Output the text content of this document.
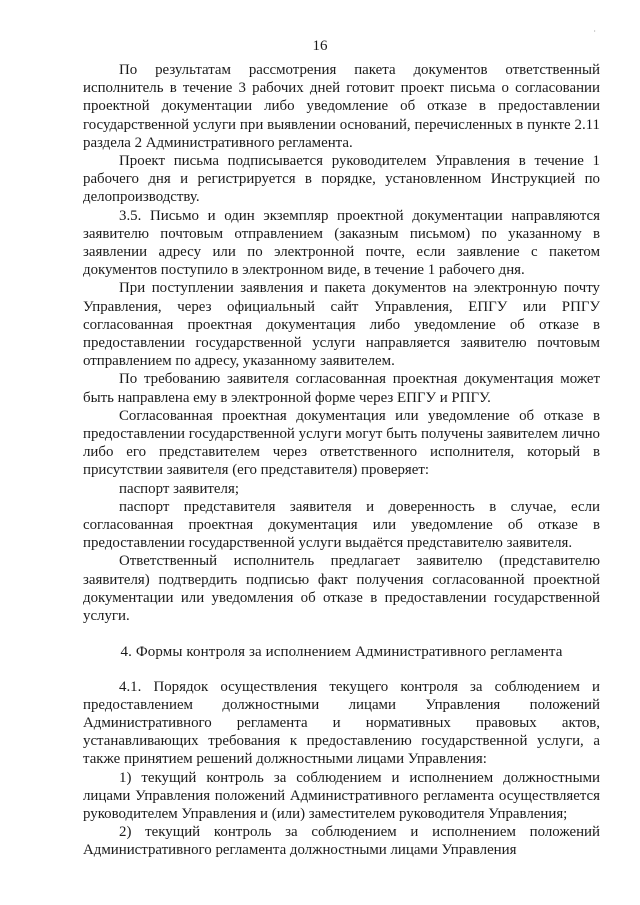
·
16

По результатам рассмотрения пакета документов ответственный исполнитель в течение 3 рабочих дней готовит проект письма о согласовании проектной документации либо уведомление об отказе в предоставлении государственной услуги при выявлении оснований, перечисленных в пункте 2.11 раздела 2 Административного регламента.

Проект письма подписывается руководителем Управления в течение 1 рабочего дня и регистрируется в порядке, установленном Инструкцией по делопроизводству.

3.5. Письмо и один экземпляр проектной документации направляются заявителю почтовым отправлением (заказным письмом) по указанному в заявлении адресу или по электронной почте, если заявление с пакетом документов поступило в электронном виде, в течение 1 рабочего дня.

При поступлении заявления и пакета документов на электронную почту Управления, через официальный сайт Управления, ЕПГУ или РПГУ согласованная проектная документация либо уведомление об отказе в предоставлении государственной услуги направляется заявителю почтовым отправлением по адресу, указанному заявителем.

По требованию заявителя согласованная проектная документация может быть направлена ему в электронной форме через ЕПГУ и РПГУ.

Согласованная проектная документация или уведомление об отказе в предоставлении государственной услуги могут быть получены заявителем лично либо его представителем через ответственного исполнителя, который в присутствии заявителя (его представителя) проверяет:

паспорт заявителя;

паспорт представителя заявителя и доверенность в случае, если согласованная проектная документация или уведомление об отказе в предоставлении государственной услуги выдаётся представителю заявителя.

Ответственный исполнитель предлагает заявителю (представителю заявителя) подтвердить подписью факт получения согласованной проектной документации или уведомления об отказе в предоставлении государственной услуги.

4. Формы контроля за исполнением Административного регламента

4.1. Порядок осуществления текущего контроля за соблюдением и предоставлением должностными лицами Управления положений Административного регламента и нормативных правовых актов, устанавливающих требования к предоставлению государственной услуги, а также принятием решений должностными лицами Управления:

1) текущий контроль за соблюдением и исполнением должностными лицами Управления положений Административного регламента осуществляется руководителем Управления и (или) заместителем руководителя Управления;

2) текущий контроль за соблюдением и исполнением положений Административного регламента должностными лицами Управления
